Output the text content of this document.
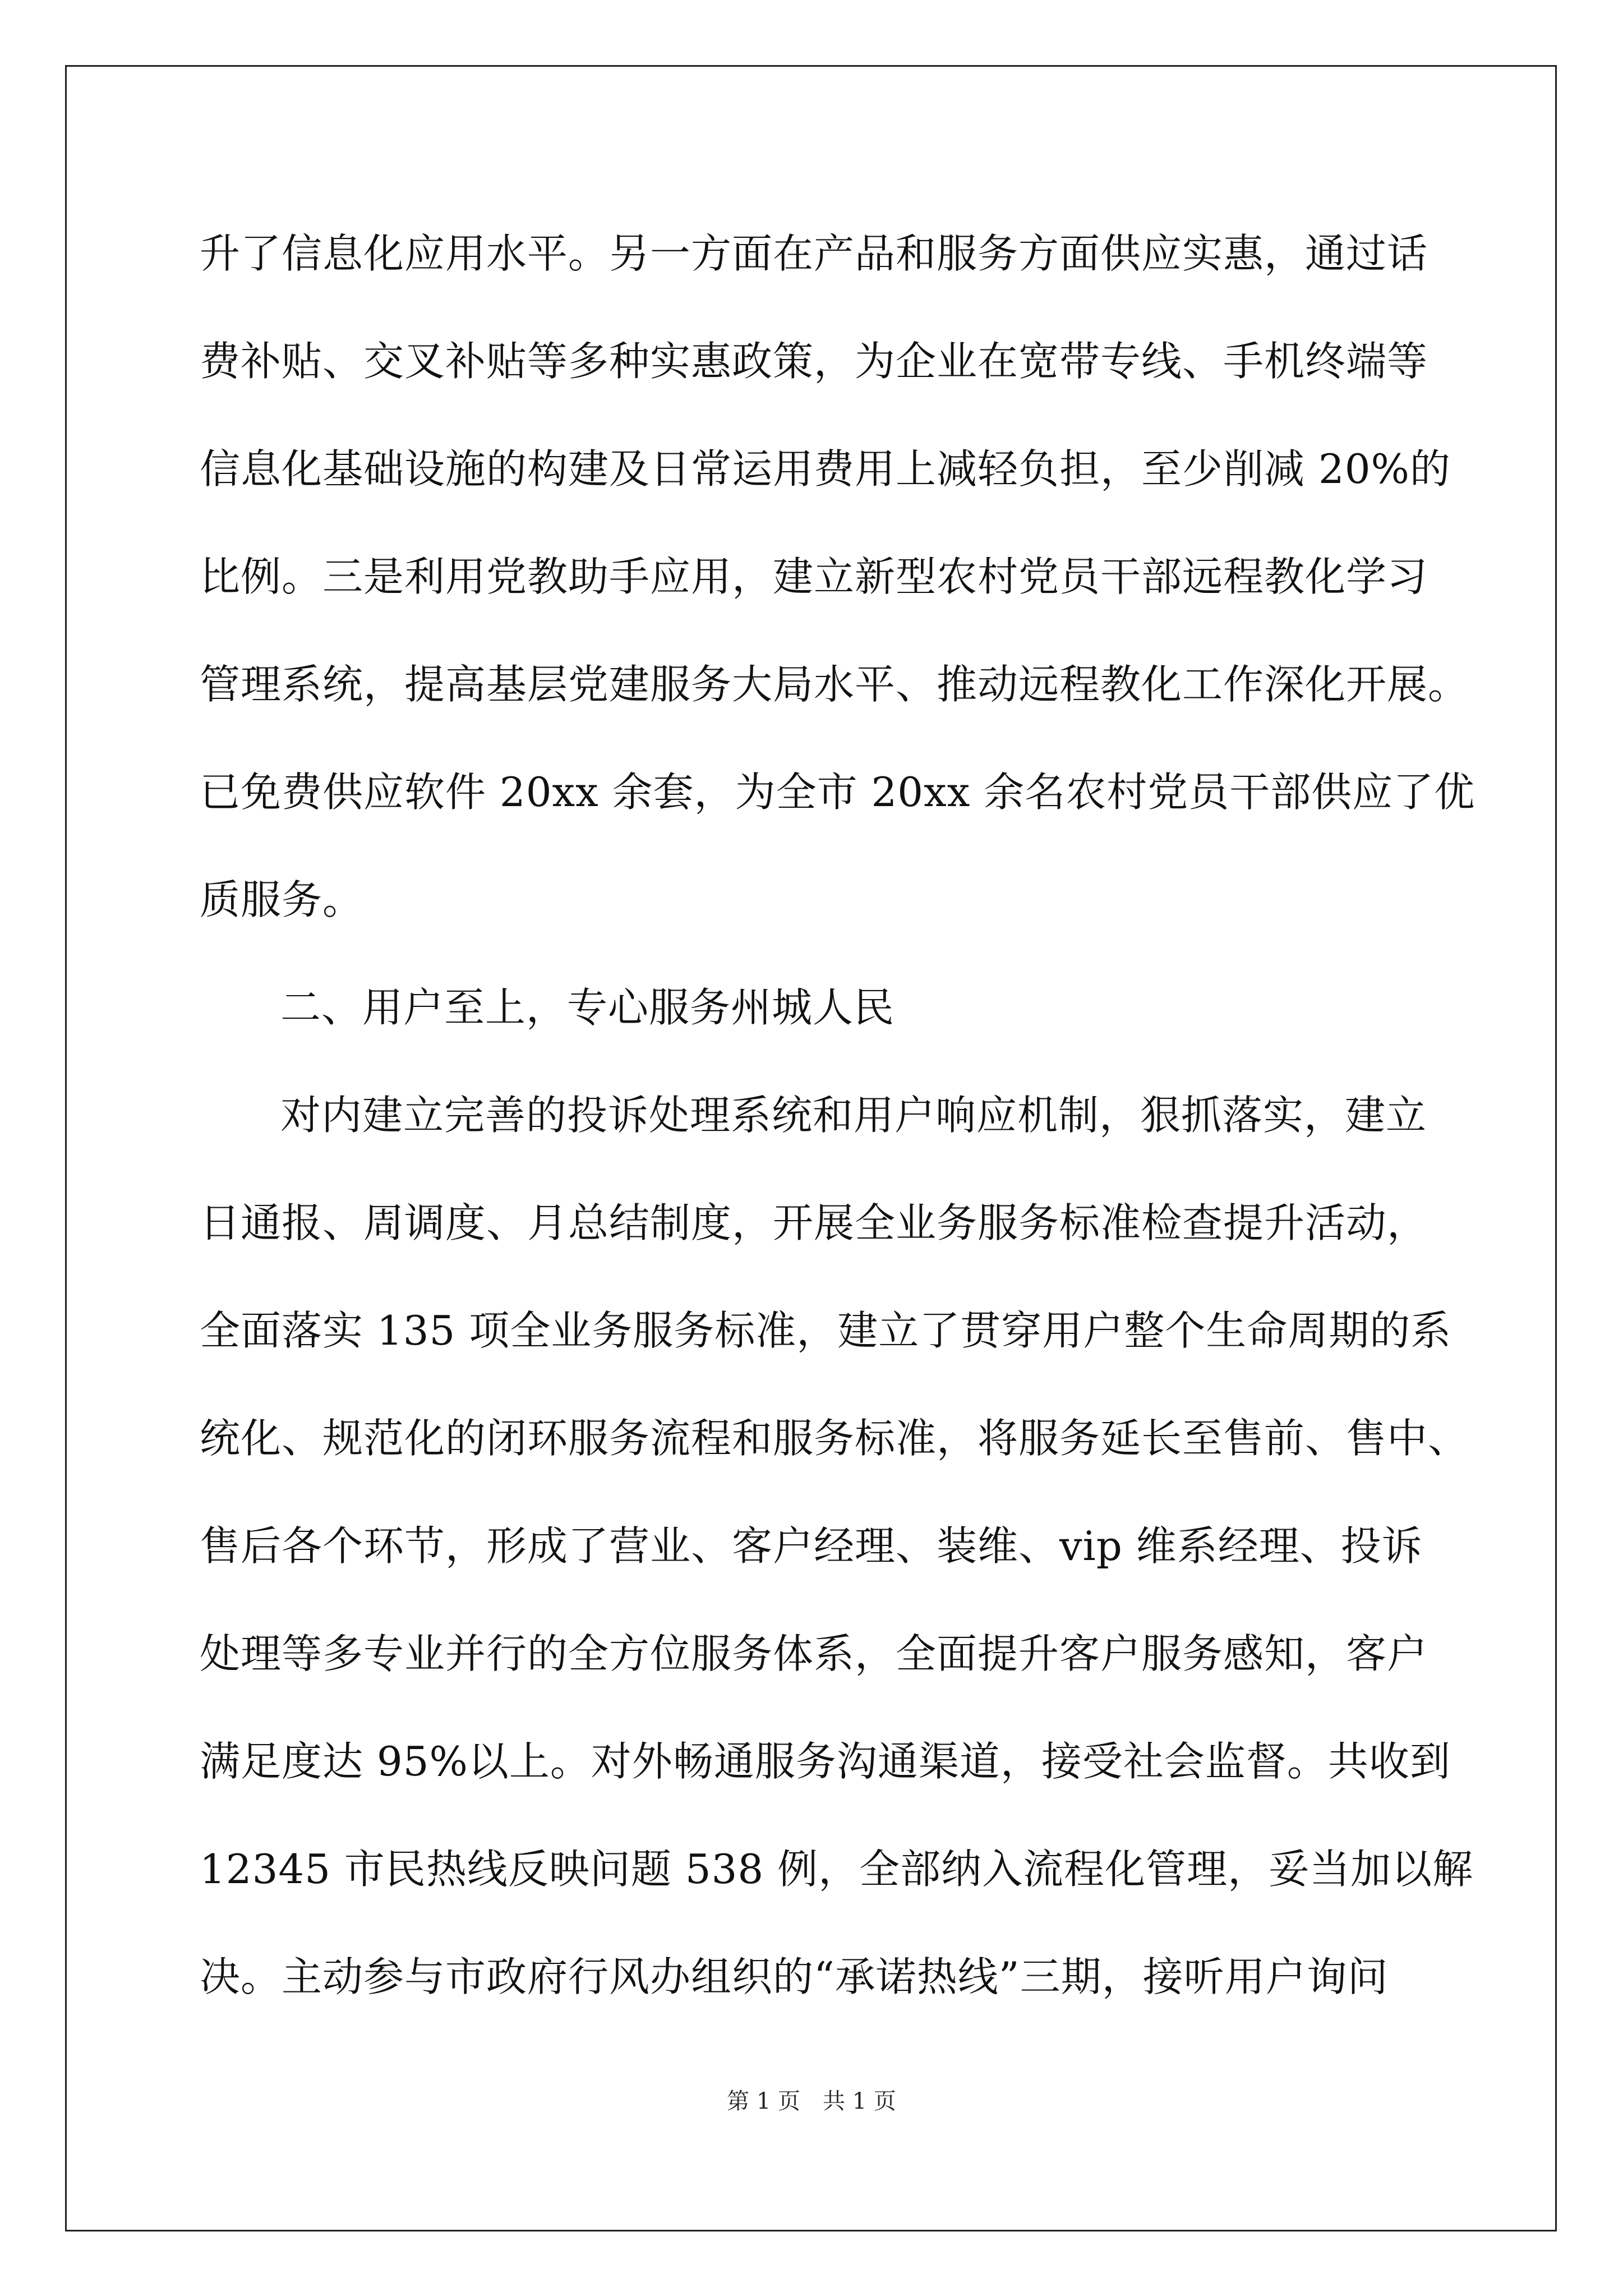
升了信息化应用水平。另一方面在产品和服务方面供应实惠，通过话
费补贴、交叉补贴等多种实惠政策，为企业在宽带专线、手机终端等
信息化基础设施的构建及日常运用费用上减轻负担，至少削减 20%的
比例。三是利用党教助手应用，建立新型农村党员干部远程教化学习
管理系统，提高基层党建服务大局水平、推动远程教化工作深化开展。
已免费供应软件 20xx 余套，为全市 20xx 余名农村党员干部供应了优
质服务。
二、用户至上，专心服务州城人民
对内建立完善的投诉处理系统和用户响应机制，狠抓落实，建立
日通报、周调度、月总结制度，开展全业务服务标准检查提升活动，
全面落实 135 项全业务服务标准，建立了贯穿用户整个生命周期的系
统化、规范化的闭环服务流程和服务标准，将服务延长至售前、售中、
售后各个环节，形成了营业、客户经理、装维、vip 维系经理、投诉
处理等多专业并行的全方位服务体系，全面提升客户服务感知，客户
满足度达 95%以上。对外畅通服务沟通渠道，接受社会监督。共收到
12345 市民热线反映问题 538 例，全部纳入流程化管理，妥当加以解
决。主动参与市政府行风办组织的“承诺热线”三期，接听用户询问
第 1 页 共 1 页
